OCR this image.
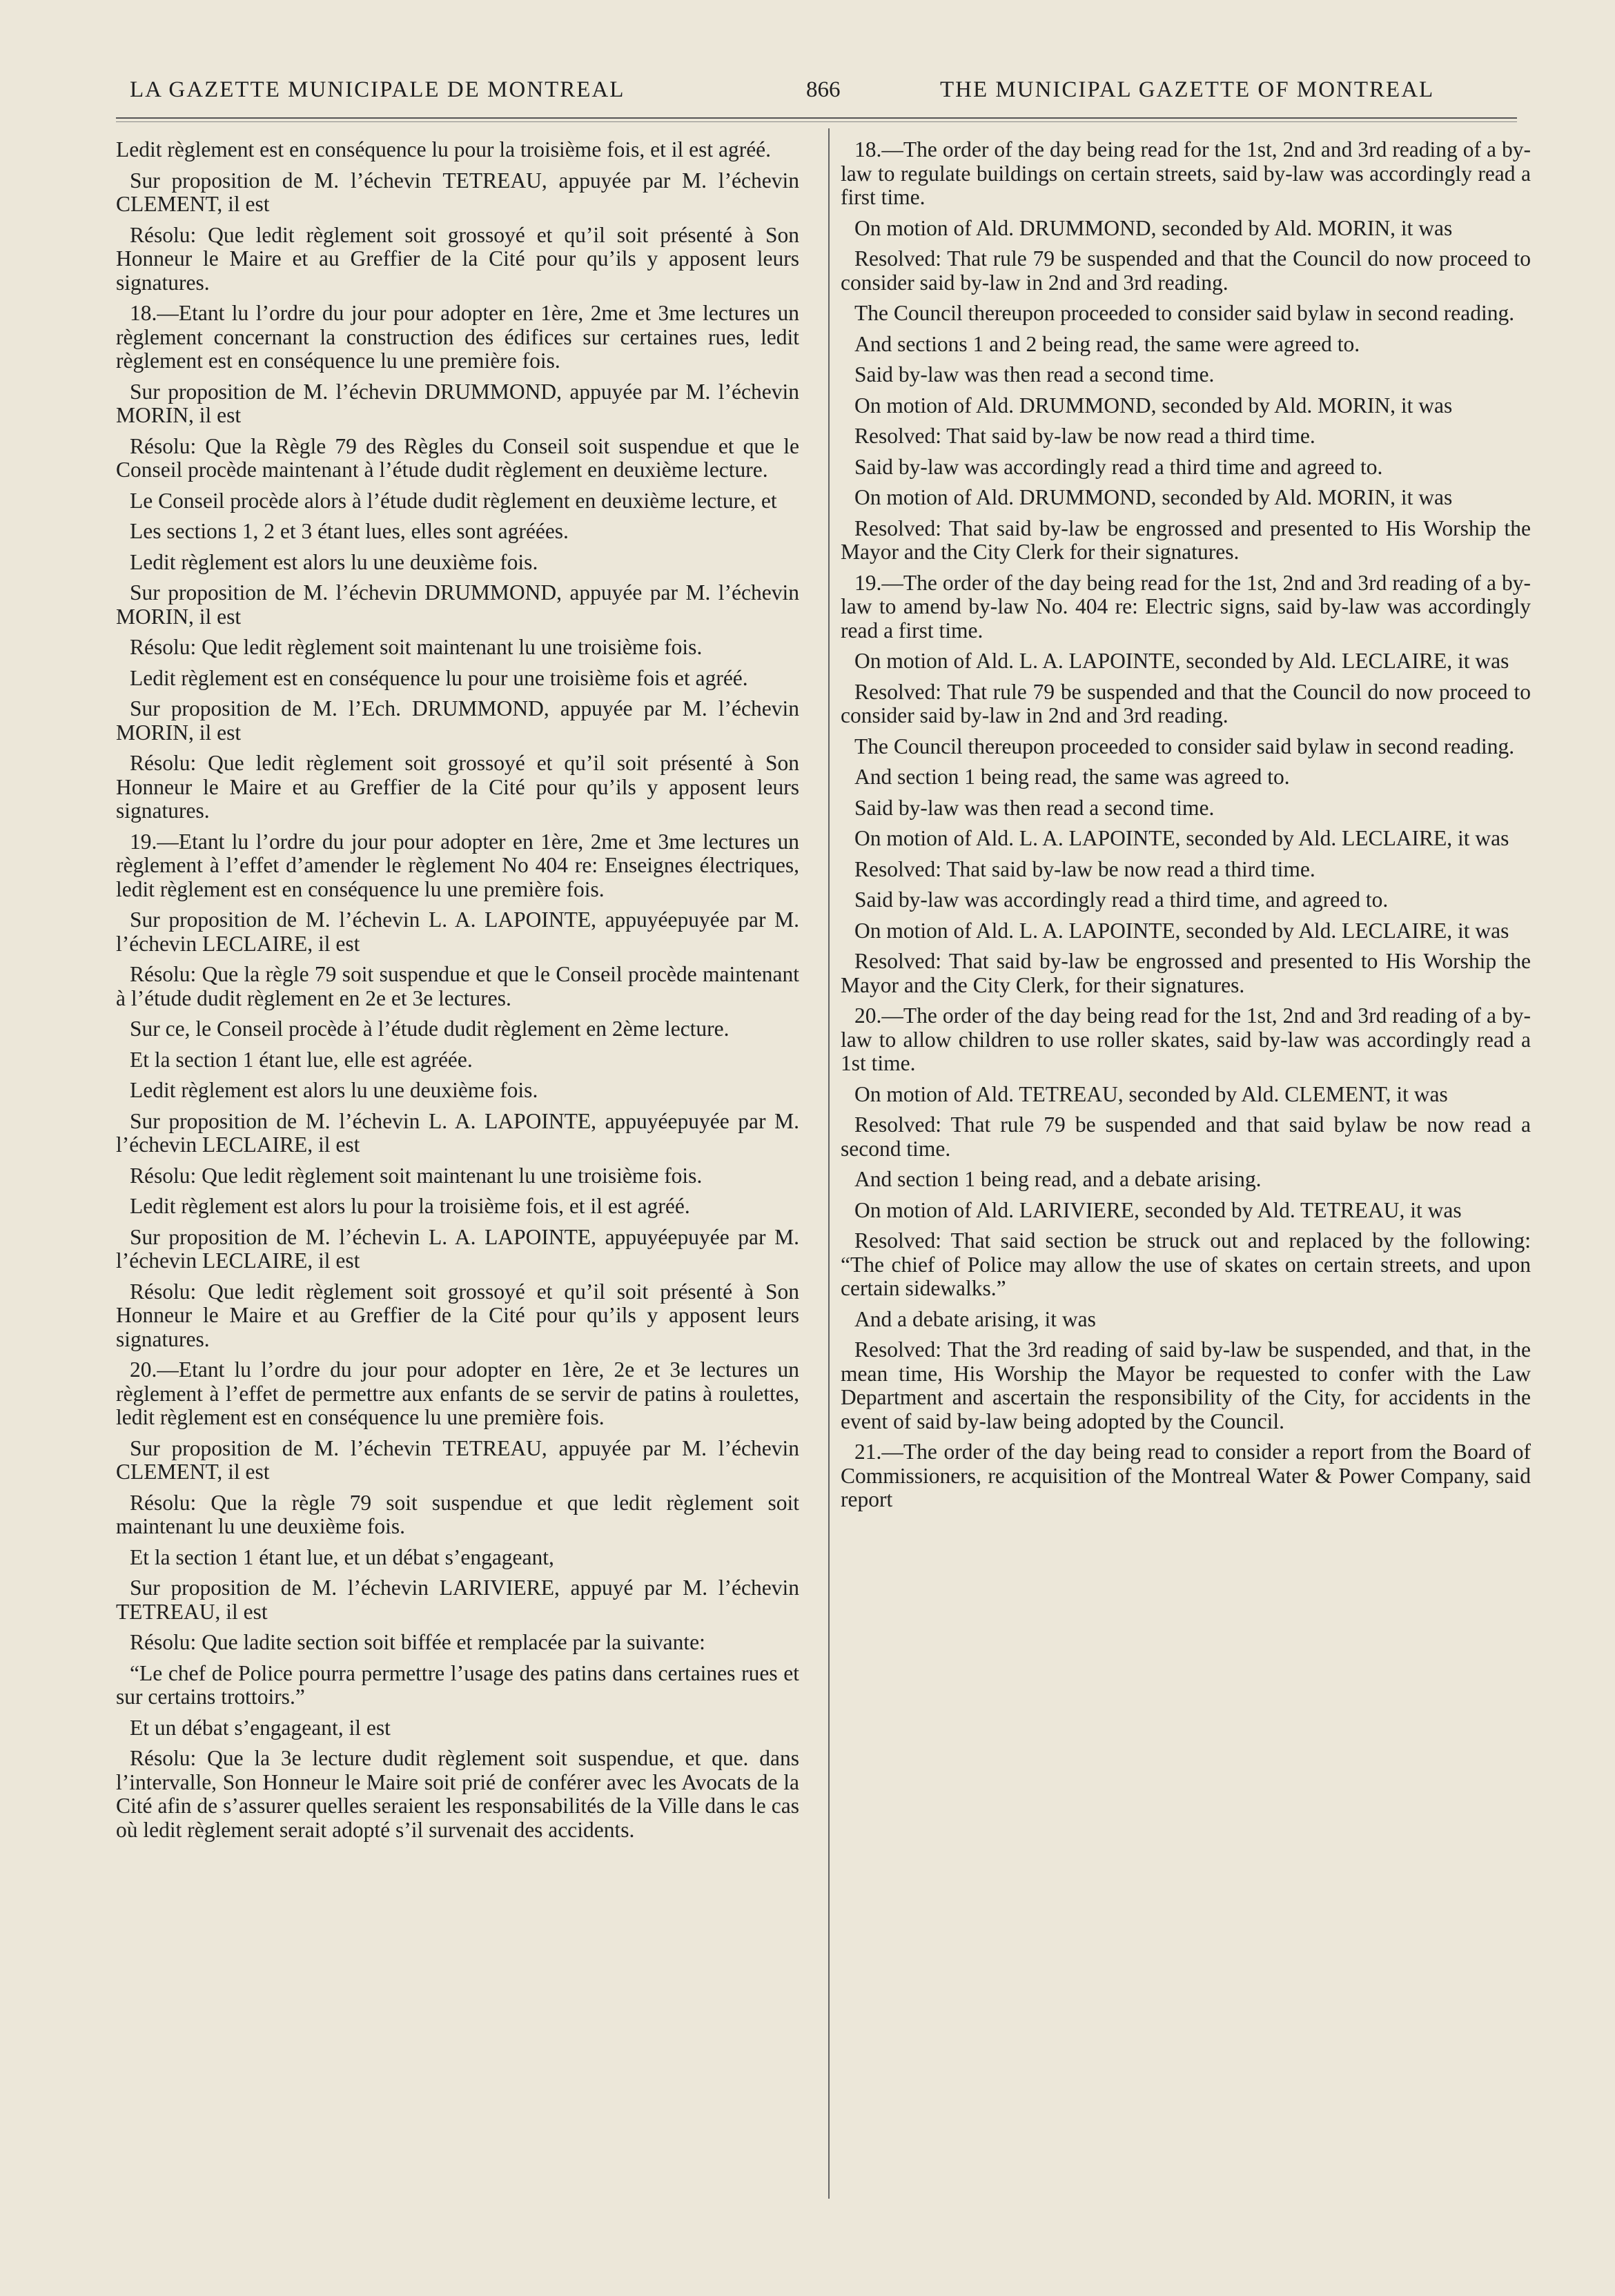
LA GAZETTE MUNICIPALE DE MONTREAL	866	THE MUNICIPAL GAZETTE OF MONTREAL

Ledit règlement est en conséquence lu pour la troisième fois, et il est agréé.

Sur proposition de M. l’échevin TETREAU, appuyée par M. l’échevin CLEMENT, il est

Résolu: Que ledit règlement soit grossoyé et qu’il soit présenté à Son Honneur le Maire et au Greffier de la Cité pour qu’ils y apposent leurs signatures.

18.—Etant lu l’ordre du jour pour adopter en 1ère, 2me et 3me lectures un règlement concernant la construction des édifices sur certaines rues, ledit règlement est en conséquence lu une première fois.

Sur proposition de M. l’échevin DRUMMOND, appuyée par M. l’échevin MORIN, il est

Résolu: Que la Règle 79 des Règles du Conseil soit suspendue et que le Conseil procède maintenant à l’étude dudit règlement en deuxième lecture.

Le Conseil procède alors à l’étude dudit règlement en deuxième lecture, et

Les sections 1, 2 et 3 étant lues, elles sont agréées.

Ledit règlement est alors lu une deuxième fois.

Sur proposition de M. l’échevin DRUMMOND, appuyée par M. l’échevin MORIN, il est

Résolu: Que ledit règlement soit maintenant lu une troisième fois.

Ledit règlement est en conséquence lu pour une troisième fois et agréé.

Sur proposition de M. l’Ech. DRUMMOND, appuyée par M. l’échevin MORIN, il est

Résolu: Que ledit règlement soit grossoyé et qu’il soit présenté à Son Honneur le Maire et au Greffier de la Cité pour qu’ils y apposent leurs signatures.

19.—Etant lu l’ordre du jour pour adopter en 1ère, 2me et 3me lectures un règlement à l’effet d’amender le règlement No 404 re: Enseignes électriques, ledit règlement est en conséquence lu une première fois.

Sur proposition de M. l’échevin L. A. LAPOINTE, appuyéepuyée par M. l’échevin LECLAIRE, il est

Résolu: Que la règle 79 soit suspendue et que le Conseil procède maintenant à l’étude dudit règlement en 2e et 3e lectures.

Sur ce, le Conseil procède à l’étude dudit règlement en 2ème lecture.

Et la section 1 étant lue, elle est agréée.

Ledit règlement est alors lu une deuxième fois.

Sur proposition de M. l’échevin L. A. LAPOINTE, appuyéepuyée par M. l’échevin LECLAIRE, il est

Résolu: Que ledit règlement soit maintenant lu une troisième fois.

Ledit règlement est alors lu pour la troisième fois, et il est agréé.

Sur proposition de M. l’échevin L. A. LAPOINTE, appuyéepuyée par M. l’échevin LECLAIRE, il est

Résolu: Que ledit règlement soit grossoyé et qu’il soit présenté à Son Honneur le Maire et au Greffier de la Cité pour qu’ils y apposent leurs signatures.

20.—Etant lu l’ordre du jour pour adopter en 1ère, 2e et 3e lectures un règlement à l’effet de permettre aux enfants de se servir de patins à roulettes, ledit règlement est en conséquence lu une première fois.

Sur proposition de M. l’échevin TETREAU, appuyée par M. l’échevin CLEMENT, il est

Résolu: Que la règle 79 soit suspendue et que ledit règlement soit maintenant lu une deuxième fois.

Et la section 1 étant lue, et un débat s’engageant,

Sur proposition de M. l’échevin LARIVIERE, appuyé par M. l’échevin TETREAU, il est

Résolu: Que ladite section soit biffée et remplacée par la suivante:

“Le chef de Police pourra permettre l’usage des patins dans certaines rues et sur certains trottoirs.”

Et un débat s’engageant, il est

Résolu: Que la 3e lecture dudit règlement soit suspendue, et que. dans l’intervalle, Son Honneur le Maire soit prié de conférer avec les Avocats de la Cité afin de s’assurer quelles seraient les responsabilités de la Ville dans le cas où ledit règlement serait adopté s’il survenait des accidents.

18.—The order of the day being read for the 1st, 2nd and 3rd reading of a by-law to regulate buildings on certain streets, said by-law was accordingly read a first time.

On motion of Ald. DRUMMOND, seconded by Ald. MORIN, it was

Resolved: That rule 79 be suspended and that the Council do now proceed to consider said by-law in 2nd and 3rd reading.

The Council thereupon proceeded to consider said bylaw in second reading.

And sections 1 and 2 being read, the same were agreed to.

Said by-law was then read a second time.

On motion of Ald. DRUMMOND, seconded by Ald. MORIN, it was

Resolved: That said by-law be now read a third time.

Said by-law was accordingly read a third time and agreed to.

On motion of Ald. DRUMMOND, seconded by Ald. MORIN, it was

Resolved: That said by-law be engrossed and presented to His Worship the Mayor and the City Clerk for their signatures.

19.—The order of the day being read for the 1st, 2nd and 3rd reading of a by-law to amend by-law No. 404 re: Electric signs, said by-law was accordingly read a first time.

On motion of Ald. L. A. LAPOINTE, seconded by Ald. LECLAIRE, it was

Resolved: That rule 79 be suspended and that the Council do now proceed to consider said by-law in 2nd and 3rd reading.

The Council thereupon proceeded to consider said bylaw in second reading.

And section 1 being read, the same was agreed to.

Said by-law was then read a second time.

On motion of Ald. L. A. LAPOINTE, seconded by Ald. LECLAIRE, it was

Resolved: That said by-law be now read a third time.

Said by-law was accordingly read a third time, and agreed to.

On motion of Ald. L. A. LAPOINTE, seconded by Ald. LECLAIRE, it was

Resolved: That said by-law be engrossed and presented to His Worship the Mayor and the City Clerk, for their signatures.

20.—The order of the day being read for the 1st, 2nd and 3rd reading of a by-law to allow children to use roller skates, said by-law was accordingly read a 1st time.

On motion of Ald. TETREAU, seconded by Ald. CLEMENT, it was

Resolved: That rule 79 be suspended and that said bylaw be now read a second time.

And section 1 being read, and a debate arising.

On motion of Ald. LARIVIERE, seconded by Ald. TETREAU, it was

Resolved: That said section be struck out and replaced by the following: “The chief of Police may allow the use of skates on certain streets, and upon certain sidewalks.”

And a debate arising, it was

Resolved: That the 3rd reading of said by-law be suspended, and that, in the mean time, His Worship the Mayor be requested to confer with the Law Department and ascertain the responsibility of the City, for accidents in the event of said by-law being adopted by the Council.

21.—The order of the day being read to consider a report from the Board of Commissioners, re acquisition of the Montreal Water & Power Company, said report
